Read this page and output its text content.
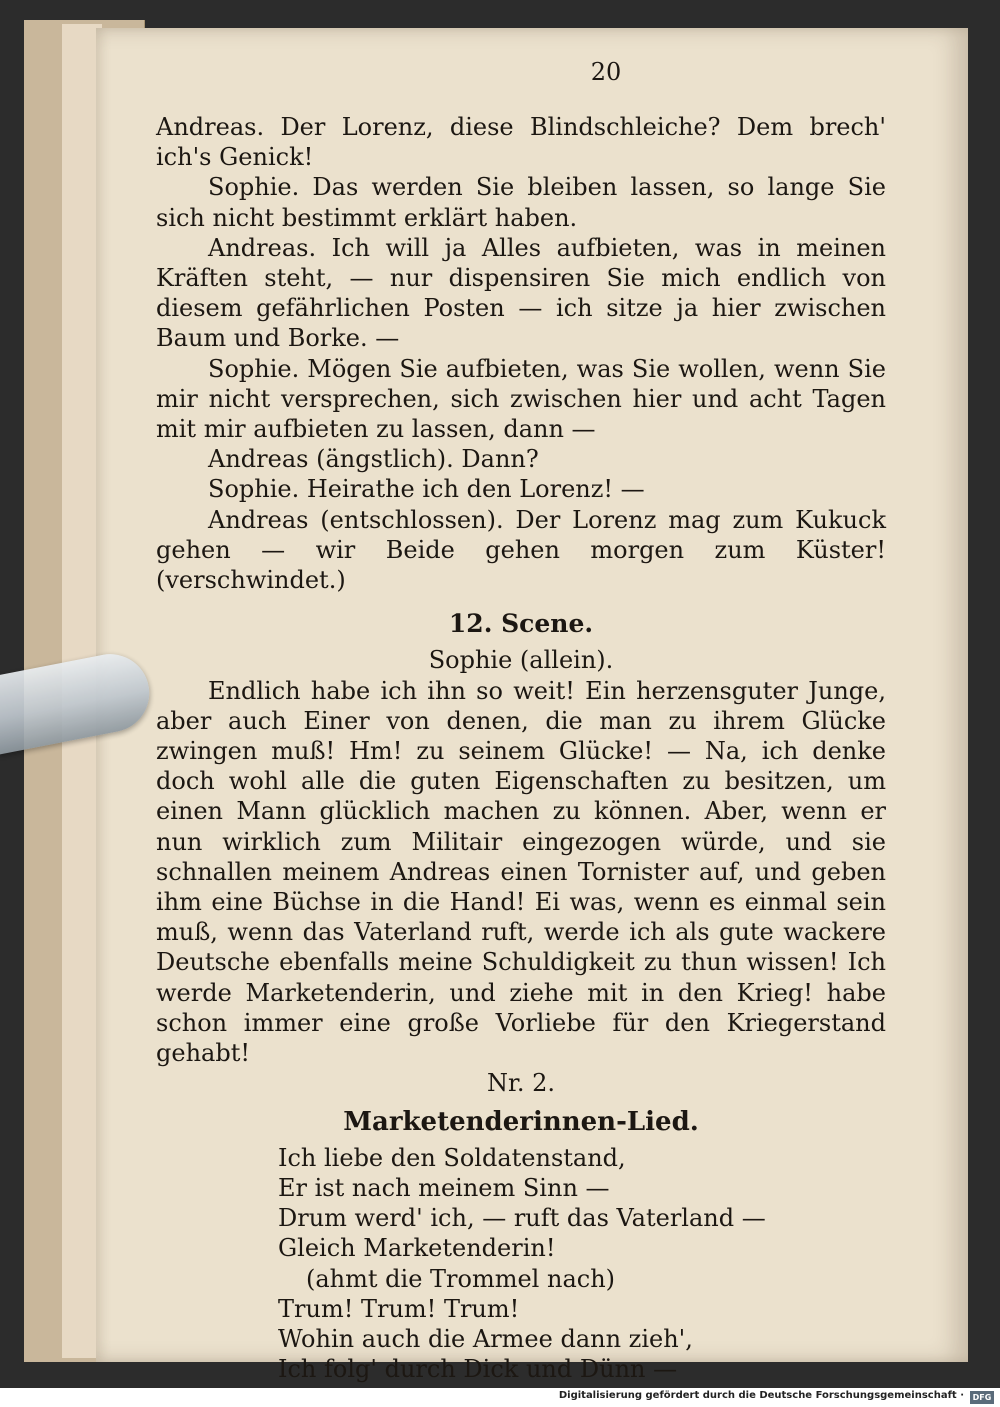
20

Andreas. Der Lorenz, diese Blindschleiche? Dem brech' ich's Genick!

Sophie. Das werden Sie bleiben lassen, so lange Sie sich nicht bestimmt erklärt haben.

Andreas. Ich will ja Alles aufbieten, was in meinen Kräften steht, — nur dispensiren Sie mich endlich von diesem gefährlichen Posten — ich sitze ja hier zwischen Baum und Borke. —

Sophie. Mögen Sie aufbieten, was Sie wollen, wenn Sie mir nicht versprechen, sich zwischen hier und acht Tagen mit mir aufbieten zu lassen, dann —

Andreas (ängstlich). Dann?

Sophie. Heirathe ich den Lorenz! —

Andreas (entschlossen). Der Lorenz mag zum Kukuck gehen — wir Beide gehen morgen zum Küster! (verschwindet.)

12. Scene.

Sophie (allein).

Endlich habe ich ihn so weit! Ein herzensguter Junge, aber auch Einer von denen, die man zu ihrem Glücke zwingen muß! Hm! zu seinem Glücke! — Na, ich denke doch wohl alle die guten Eigenschaften zu besitzen, um einen Mann glücklich machen zu können. Aber, wenn er nun wirklich zum Militair eingezogen würde, und sie schnallen meinem Andreas einen Tornister auf, und geben ihm eine Büchse in die Hand! Ei was, wenn es einmal sein muß, wenn das Vaterland ruft, werde ich als gute wackere Deutsche ebenfalls meine Schuldigkeit zu thun wissen! Ich werde Marketenderin, und ziehe mit in den Krieg! habe schon immer eine große Vorliebe für den Kriegerstand gehabt!

Nr. 2.

Marketenderinnen-Lied.

Ich liebe den Soldatenstand,

Er ist nach meinem Sinn —

Drum werd' ich, — ruft das Vaterland —

Gleich Marketenderin!

(ahmt die Trommel nach)

Trum! Trum! Trum!

Wohin auch die Armee dann zieh',

Ich folg' durch Dick und Dünn —

Digitalisierung gefördert durch die Deutsche Forschungsgemeinschaft ·	DFG
